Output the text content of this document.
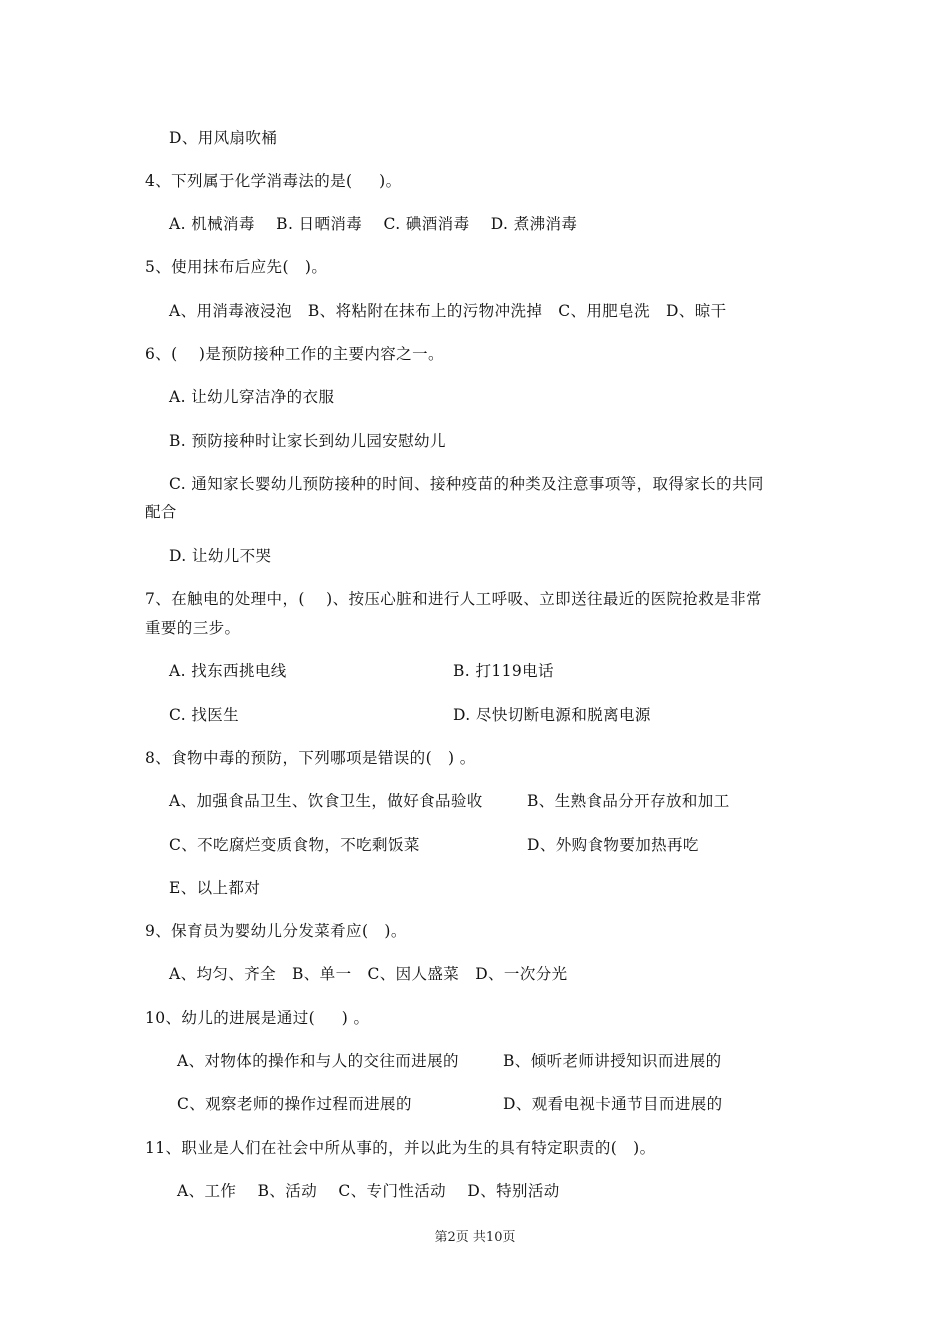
D、用风扇吹桶
4、下列属于化学消毒法的是(     )。
A. 机械消毒    B. 日晒消毒    C. 碘酒消毒    D. 煮沸消毒
5、使用抹布后应先(   )。
A、用消毒液浸泡   B、将粘附在抹布上的污物冲洗掉   C、用肥皂洗   D、晾干
6、(    )是预防接种工作的主要内容之一。
A. 让幼儿穿洁净的衣服
B. 预防接种时让家长到幼儿园安慰幼儿
C. 通知家长婴幼儿预防接种的时间、接种疫苗的种类及注意事项等，取得家长的共同
配合
D. 让幼儿不哭
7、在触电的处理中，(    )、按压心脏和进行人工呼吸、立即送往最近的医院抢救是非常
重要的三步。
A. 找东西挑电线	B. 打119电话
C. 找医生	D. 尽快切断电源和脱离电源
8、食物中毒的预防，下列哪项是错误的(   ) 。
A、加强食品卫生、饮食卫生，做好食品验收	B、生熟食品分开存放和加工
C、不吃腐烂变质食物，不吃剩饭菜	D、外购食物要加热再吃
E、以上都对
9、保育员为婴幼儿分发菜肴应(   )。
A、均匀、齐全   B、单一   C、因人盛菜   D、一次分光
10、幼儿的进展是通过(     ) 。
A、对物体的操作和与人的交往而进展的	B、倾听老师讲授知识而进展的
C、观察老师的操作过程而进展的	D、观看电视卡通节目而进展的
11、职业是人们在社会中所从事的，并以此为生的具有特定职责的(   )。
A、工作    B、活动    C、专门性活动    D、特别活动
第2页 共10页
